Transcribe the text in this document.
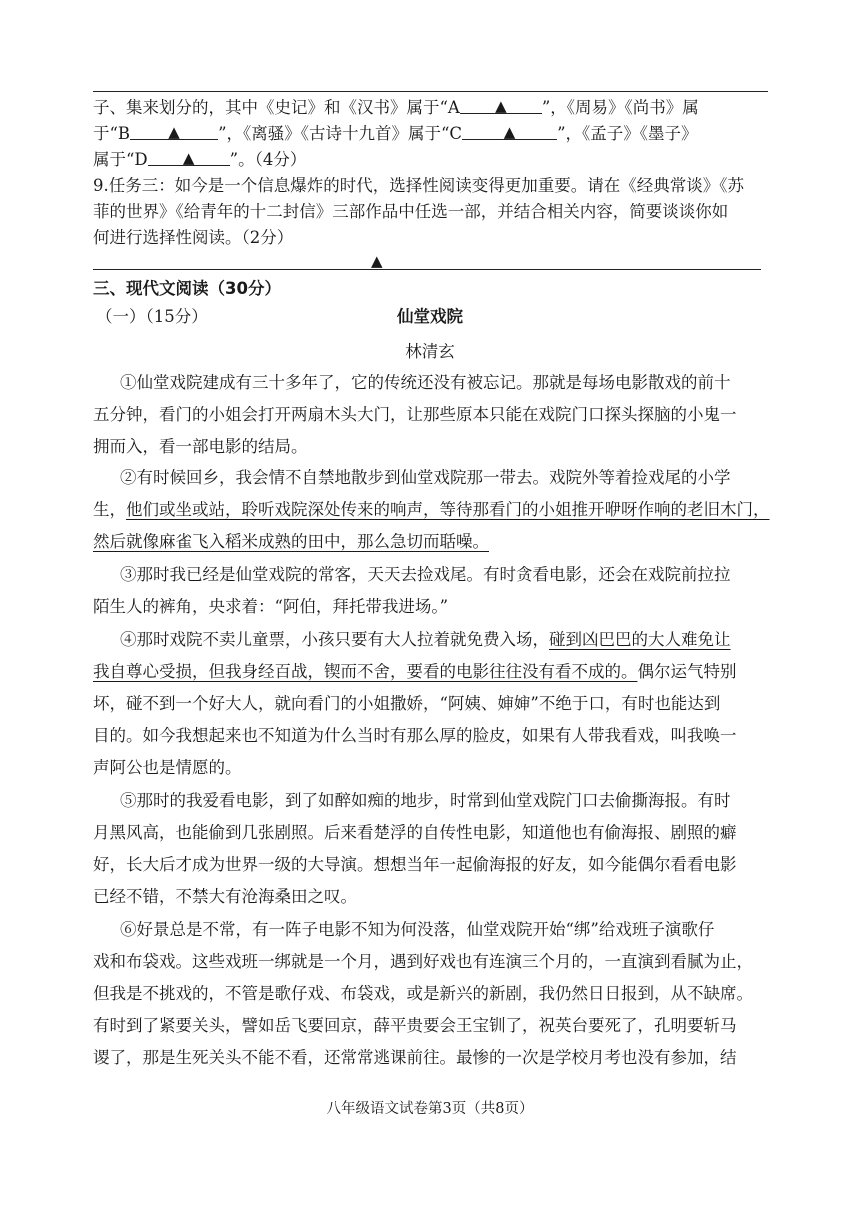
子、集来划分的，其中《史记》和《汉书》属于“A ▲ ”，《周易》《尚书》属
于“B	▲ ”，《离骚》《古诗十九首》属于“C	▲	”，《孟子》《墨子》
属于“D ▲ ”。（4分）
9.任务三：如今是一个信息爆炸的时代，选择性阅读变得更加重要。请在《经典常谈》《苏
菲的世界》《给青年的十二封信》三部作品中任选一部，并结合相关内容，简要谈谈你如
何进行选择性阅读。（2分）
▲
三、现代文阅读（30分）
（一）（15分）	仙堂戏院
林清玄
①仙堂戏院建成有三十多年了，它的传统还没有被忘记。那就是每场电影散戏的前十
五分钟，看门的小姐会打开两扇木头大门，让那些原本只能在戏院门口探头探脑的小鬼一
拥而入，看一部电影的结局。
②有时候回乡，我会情不自禁地散步到仙堂戏院那一带去。戏院外等着捡戏尾的小学
生，他们或坐或站，聆听戏院深处传来的响声，等待那看门的小姐推开咿呀作响的老旧木门，
然后就像麻雀飞入稻米成熟的田中，那么急切而聒噪。
③那时我已经是仙堂戏院的常客，天天去捡戏尾。有时贪看电影，还会在戏院前拉拉
陌生人的裤角，央求着：“阿伯，拜托带我进场。”
④那时戏院不卖儿童票，小孩只要有大人拉着就免费入场，碰到凶巴巴的大人难免让
我自尊心受损，但我身经百战，锲而不舍，要看的电影往往没有看不成的。偶尔运气特别
坏，碰不到一个好大人，就向看门的小姐撒娇，“阿姨、婶婶”不绝于口，有时也能达到
目的。如今我想起来也不知道为什么当时有那么厚的脸皮，如果有人带我看戏，叫我唤一
声阿公也是情愿的。
⑤那时的我爱看电影，到了如醉如痴的地步，时常到仙堂戏院门口去偷撕海报。有时
月黑风高，也能偷到几张剧照。后来看楚浮的自传性电影，知道他也有偷海报、剧照的癖
好，长大后才成为世界一级的大导演。想想当年一起偷海报的好友，如今能偶尔看看电影
已经不错，不禁大有沧海桑田之叹。
⑥好景总是不常，有一阵子电影不知为何没落，仙堂戏院开始“绑”给戏班子演歌仔
戏和布袋戏。这些戏班一绑就是一个月，遇到好戏也有连演三个月的，一直演到看腻为止，
但我是不挑戏的，不管是歌仔戏、布袋戏，或是新兴的新剧，我仍然日日报到，从不缺席。
有时到了紧要关头，譬如岳飞要回京，薛平贵要会王宝钏了，祝英台要死了，孔明要斩马
谡了，那是生死关头不能不看，还常常逃课前往。最惨的一次是学校月考也没有参加，结
八年级语文试卷第3页（共8页）
